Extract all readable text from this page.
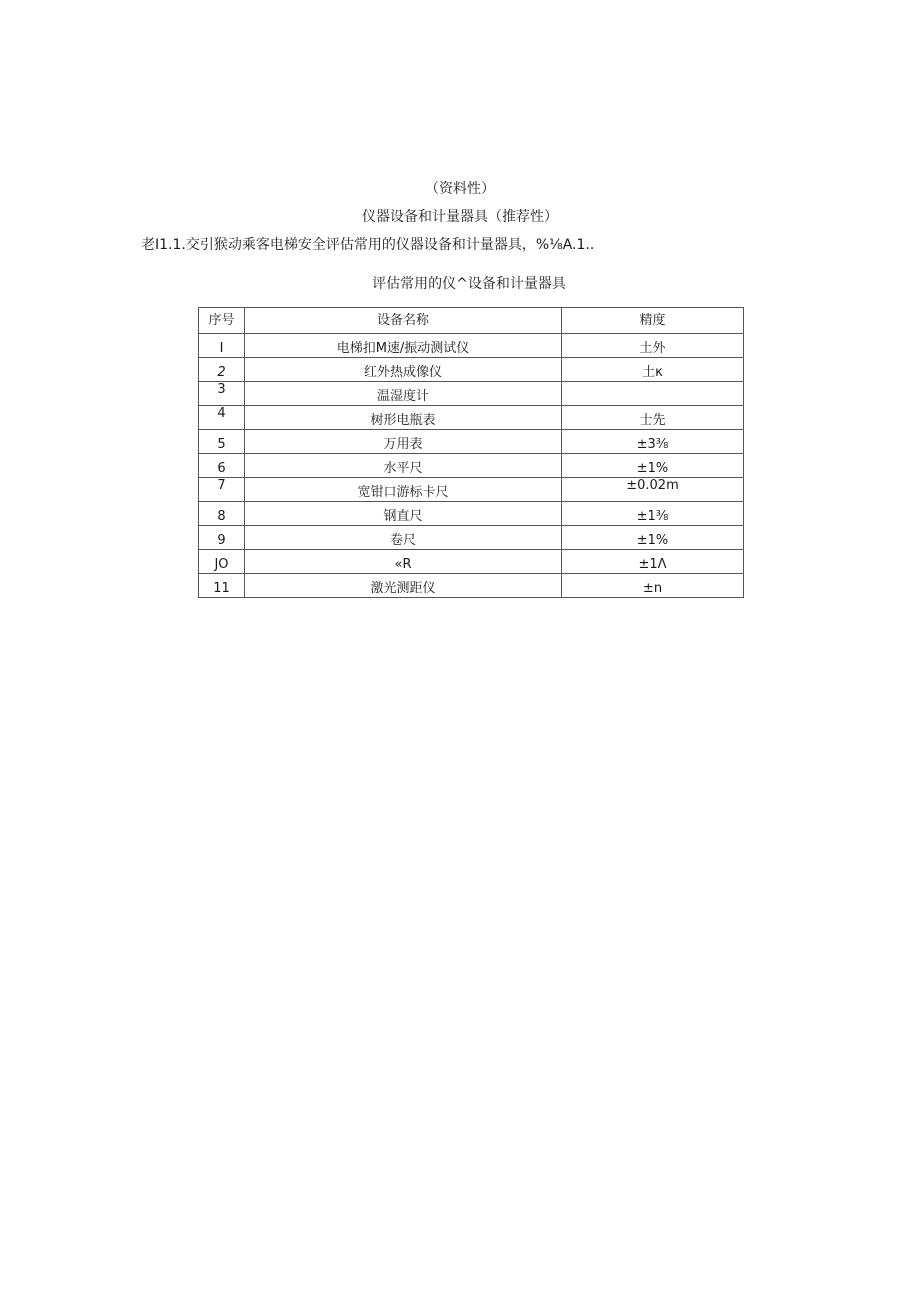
（资料性）
仪器设备和计量器具（推荐性）
老I1.1.交引猴动乘客电梯安全评估常用的仪器设备和计量器具，%⅛A.1..
评估常用的仪^设备和计量器具
序号	设备名称	精度
I	电梯扣M速/振动测试仪	土外
2	红外热成像仪	土κ
3	温湿度计	
4	树形电瓶表	士先
5	万用表	±3⅜
6	水平尺	±1%
7	宽钳口游标卡尺	±0.02m
8	钢直尺	±1⅜
9	卷尺	±1%
JO	«R	±1Λ
11	激光测距仪	±n
